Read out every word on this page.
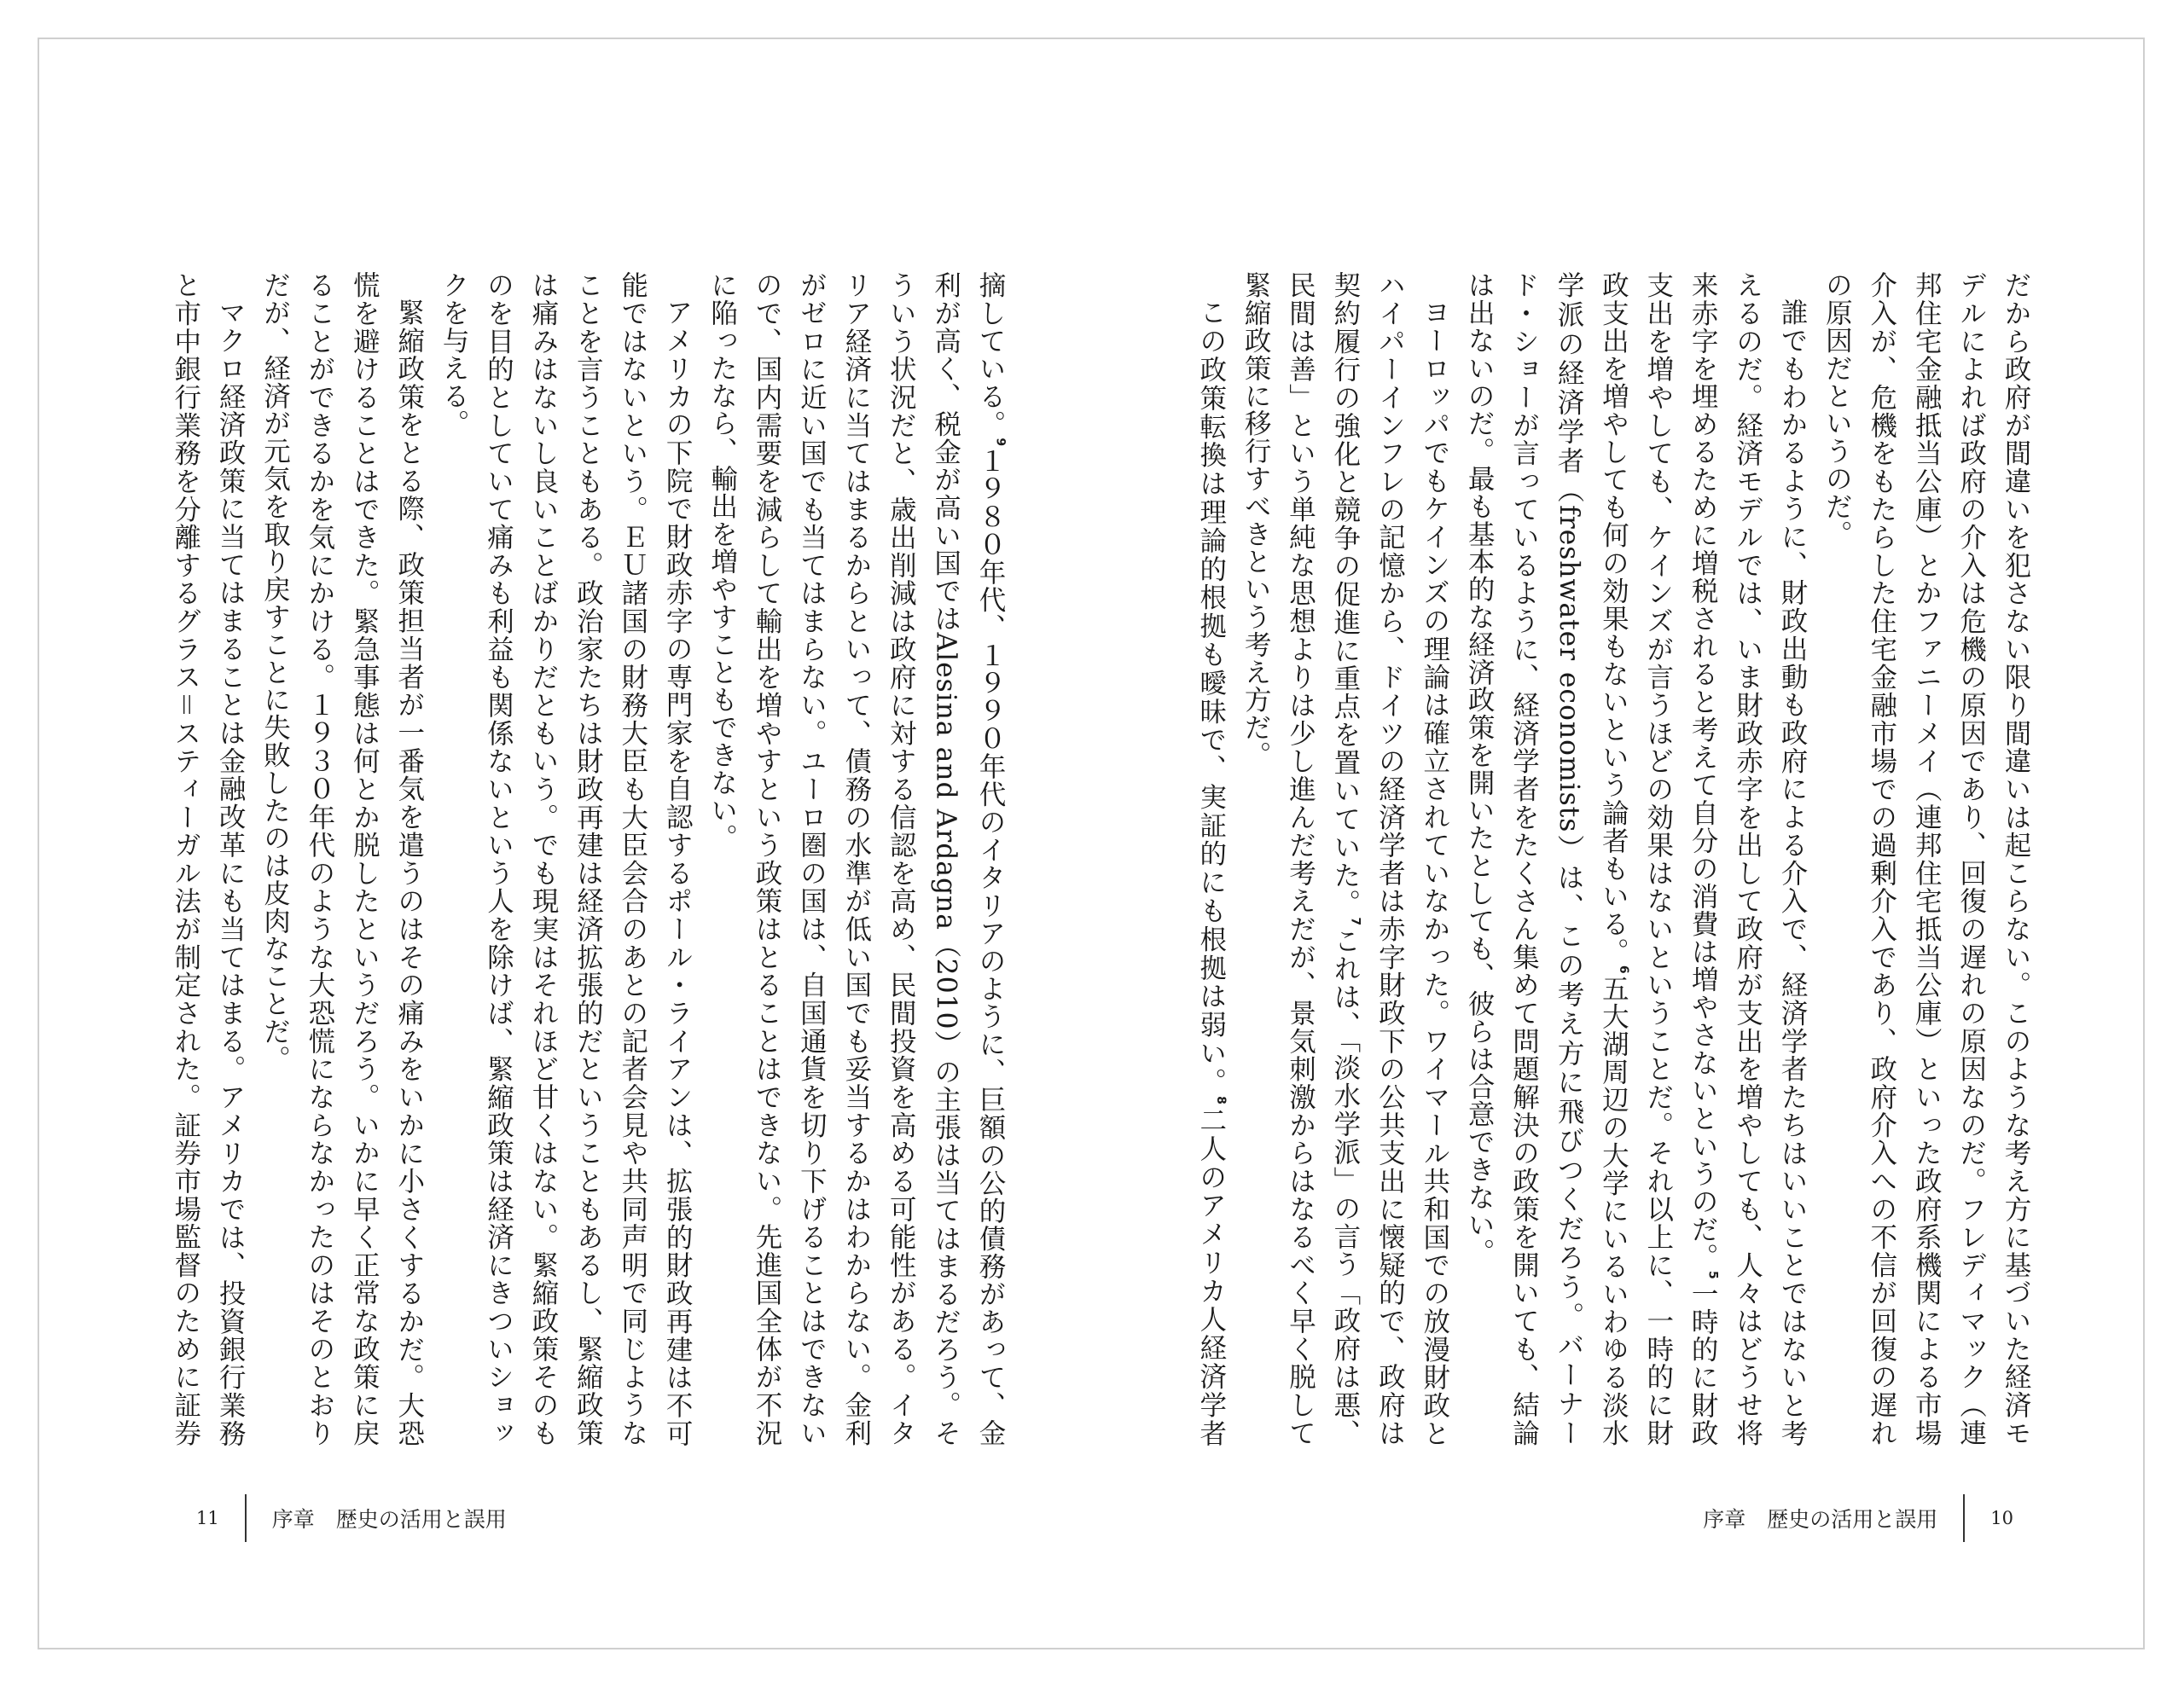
だから政府が間違いを犯さない限り間違いは起こらない。このような考え方に基づいた経済モデルによれば政府の介入は危機の原因であり、回復の遅れの原因なのだ。フレディマック（連邦住宅金融抵当公庫）とかファニーメイ（連邦住宅抵当公庫）といった政府系機関による市場介入が、危機をもたらした住宅金融市場での過剰介入であり、政府介入への不信が回復の遅れの原因だというのだ。

誰でもわかるように、財政出動も政府による介入で、経済学者たちはいいことではないと考えるのだ。経済モデルでは、いま財政赤字を出して政府が支出を増やしても、人々はどうせ将来赤字を埋めるために増税されると考えて自分の消費は増やさないというのだ。$^5$一時的に財政支出を増やしても、ケインズが言うほどの効果はないということだ。それ以上に、一時的に財政支出を増やしても何の効果もないという論者もいる。$^6$五大湖周辺の大学にいるいわゆる淡水学派の経済学者（freshwater economists）は、この考え方に飛びつくだろう。バーナード・ショーが言っているように、経済学者をたくさん集めて問題解決の政策を開いても、結論は出ないのだ。最も基本的な経済政策を開いたとしても、彼らは合意できない。

ヨーロッパでもケインズの理論は確立されていなかった。ワイマール共和国での放漫財政とハイパーインフレの記憶から、ドイツの経済学者は赤字財政下の公共支出に懐疑的で、政府は契約履行の強化と競争の促進に重点を置いていた。$^7$これは、「淡水学派」の言う「政府は悪、民間は善」という単純な思想よりは少し進んだ考えだが、景気刺激からはなるべく早く脱して緊縮政策に移行すべきという考え方だ。

この政策転換は理論的根拠も曖昧で、実証的にも根拠は弱い。$^8$二人のアメリカ人経済学者

摘している。$^9$１９８０年代、１９９０年代のイタリアのように、巨額の公的債務があって、金利が高く、税金が高い国ではAlesina and Ardagna（2010）の主張は当てはまるだろう。そういう状況だと、歳出削減は政府に対する信認を高め、民間投資を高める可能性がある。イタリア経済に当てはまるからといって、債務の水準が低い国でも妥当するかはわからない。金利がゼロに近い国でも当てはまらない。ユーロ圏の国は、自国通貨を切り下げることはできないので、国内需要を減らして輸出を増やすという政策はとることはできない。先進国全体が不況に陥ったなら、輸出を増やすこともできない。

アメリカの下院で財政赤字の専門家を自認するポール・ライアンは、拡張的財政再建は不可能ではないという。ＥＵ諸国の財務大臣も大臣会合のあとの記者会見や共同声明で同じようなことを言うこともある。政治家たちは財政再建は経済拡張的だということもあるし、緊縮政策は痛みはないし良いことばかりだともいう。でも現実はそれほど甘くはない。緊縮政策そのものを目的としていて痛みも利益も関係ないという人を除けば、緊縮政策は経済にきついショックを与える。

緊縮政策をとる際、政策担当者が一番気を遣うのはその痛みをいかに小さくするかだ。大恐慌を避けることはできた。緊急事態は何とか脱したというだろう。いかに早く正常な政策に戻ることができるかを気にかける。１９３０年代のような大恐慌にならなかったのはそのとおりだが、経済が元気を取り戻すことに失敗したのは皮肉なことだ。

マクロ経済政策に当てはまることは金融改革にも当てはまる。アメリカでは、投資銀行業務と市中銀行業務を分離するグラス＝スティーガル法が制定された。証券市場監督のために証券

序章　歴史の活用と誤用	10
11 序章　歴史の活用と誤用
